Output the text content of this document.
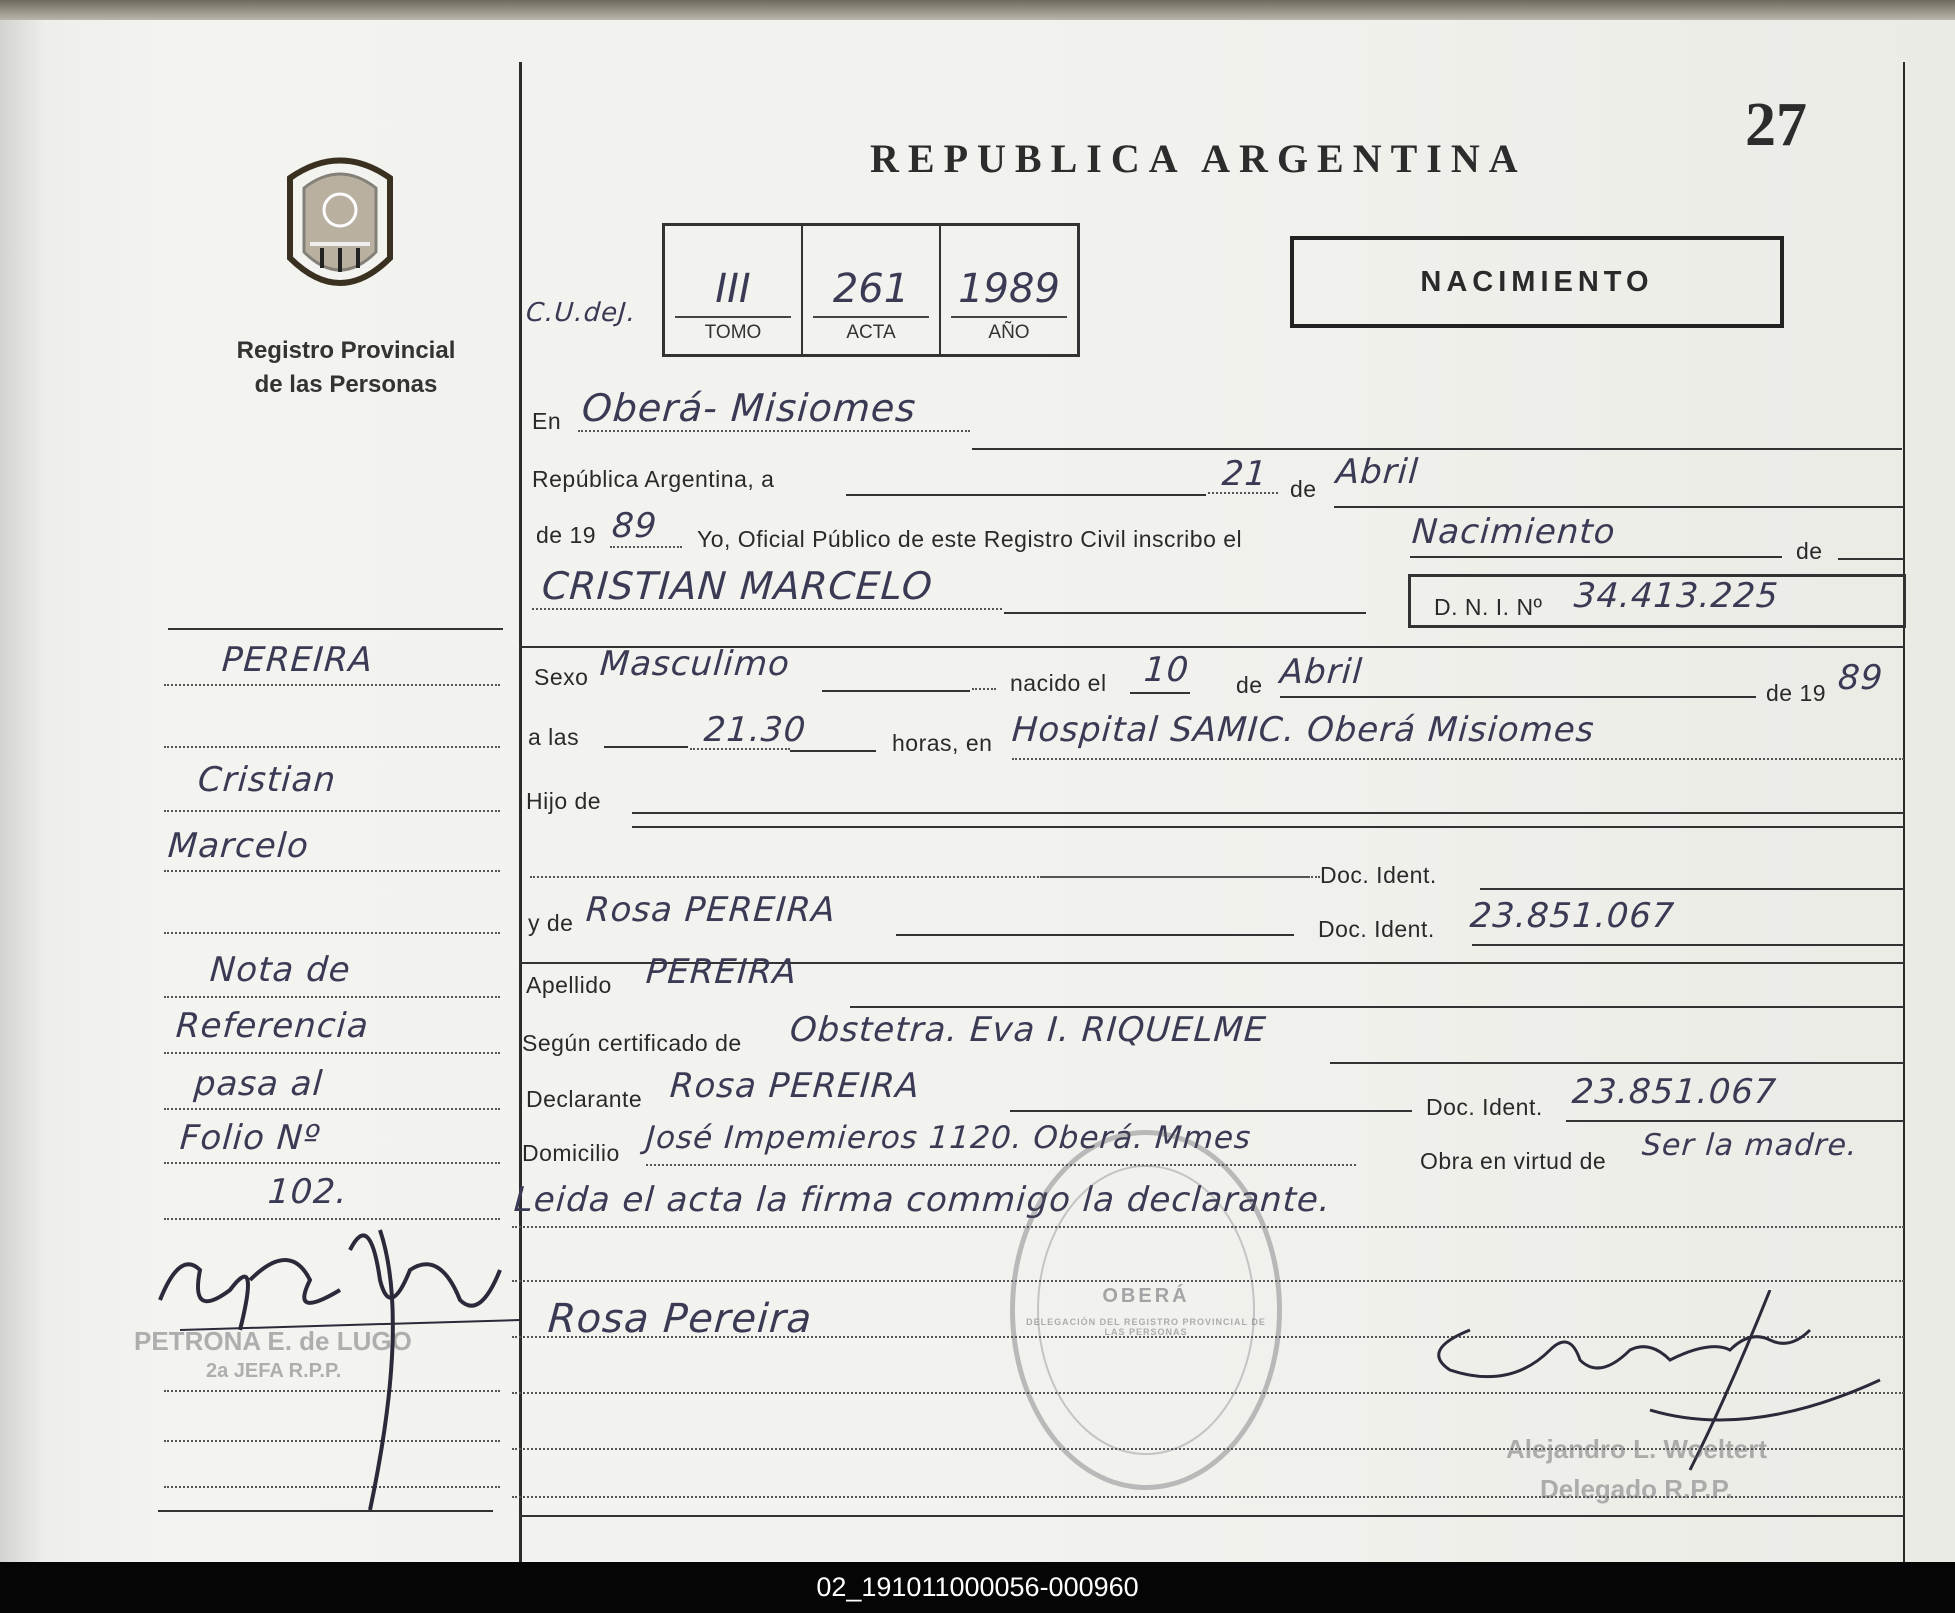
Registro Provincial
de las Personas
REPUBLICA ARGENTINA	27
NACIMIENTO
C.U.deJ.
III
TOMO
261
ACTA
1989
AÑO
En Oberá- Misiomes
República Argentina, a	21 de Abril
de 19 89 Yo, Oficial Público de este Registro Civil inscribo el	Nacimiento	de
CRISTIAN MARCELO	D. N. I. Nº 34.413.225
Sexo Masculimo	nacido el 10 de Abril
de 19 89
a las	21.30	horas, en Hospital SAMIC. Oberá Misiomes
Hijo de
Doc. Ident.
y de Rosa PEREIRA	Doc. Ident. 23.851.067
Apellido PEREIRA
Según certificado de Obstetra. Eva I. RIQUELME
Declarante Rosa PEREIRA
Doc. Ident. 23.851.067
Domicilio José Impemieros 1120. Oberá. Mmes
Obra en virtud de Ser la madre.
Leida el acta la firma commigo la declarante.
PEREIRA
Cristian
Marcelo
Nota de
Referencia
pasa al
Folio Nº
102.
PETRONA E. de LUGO
2a JEFA R.P.P.
Rosa Pereira	OBERÁ
DELEGACIÓN DEL REGISTRO PROVINCIAL DE LAS PERSONAS
Alejandro L. Woeltert
Delegado R.P.P.
02_191011000056-000960
